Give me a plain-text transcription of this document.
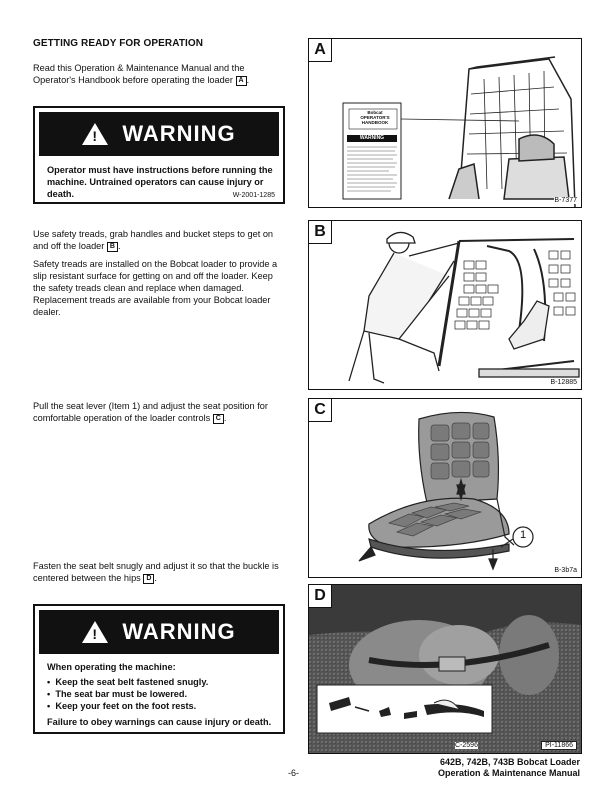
GETTING READY FOR OPERATION
Read this Operation & Maintenance Manual and the Operator's Handbook before operating the loader A .
! WARNING
Operator must have instructions before running the machine. Untrained operators can cause injury or death.	W-2001-1285
Use safety treads, grab handles and bucket steps to get on and off the loader B .
Safety treads are installed on the Bobcat loader to provide a slip resistant surface for getting on and off the loader. Keep the safety treads clean and replace when damaged. Replacement treads are available from your Bobcat loader dealer.
Pull the seat lever (Item 1) and adjust the seat position for comfortable operation of the loader controls C .
Fasten the seat belt snugly and adjust it so that the buckle is centered between the hips D .
! WARNING
When operating the machine:
•  Keep the seat belt fastened snugly.
•  The seat bar must be lowered.
•  Keep your feet on the foot rests.
Failure to obey warnings can cause injury or death.
A
Bobcat
OPERATOR'S HANDBOOK
WARNING
B-7377
B
B-12885
C
1
B-3b7a
D
C-2596	PI-11866
-6-
642B, 742B, 743B Bobcat Loader
Operation & Maintenance Manual
